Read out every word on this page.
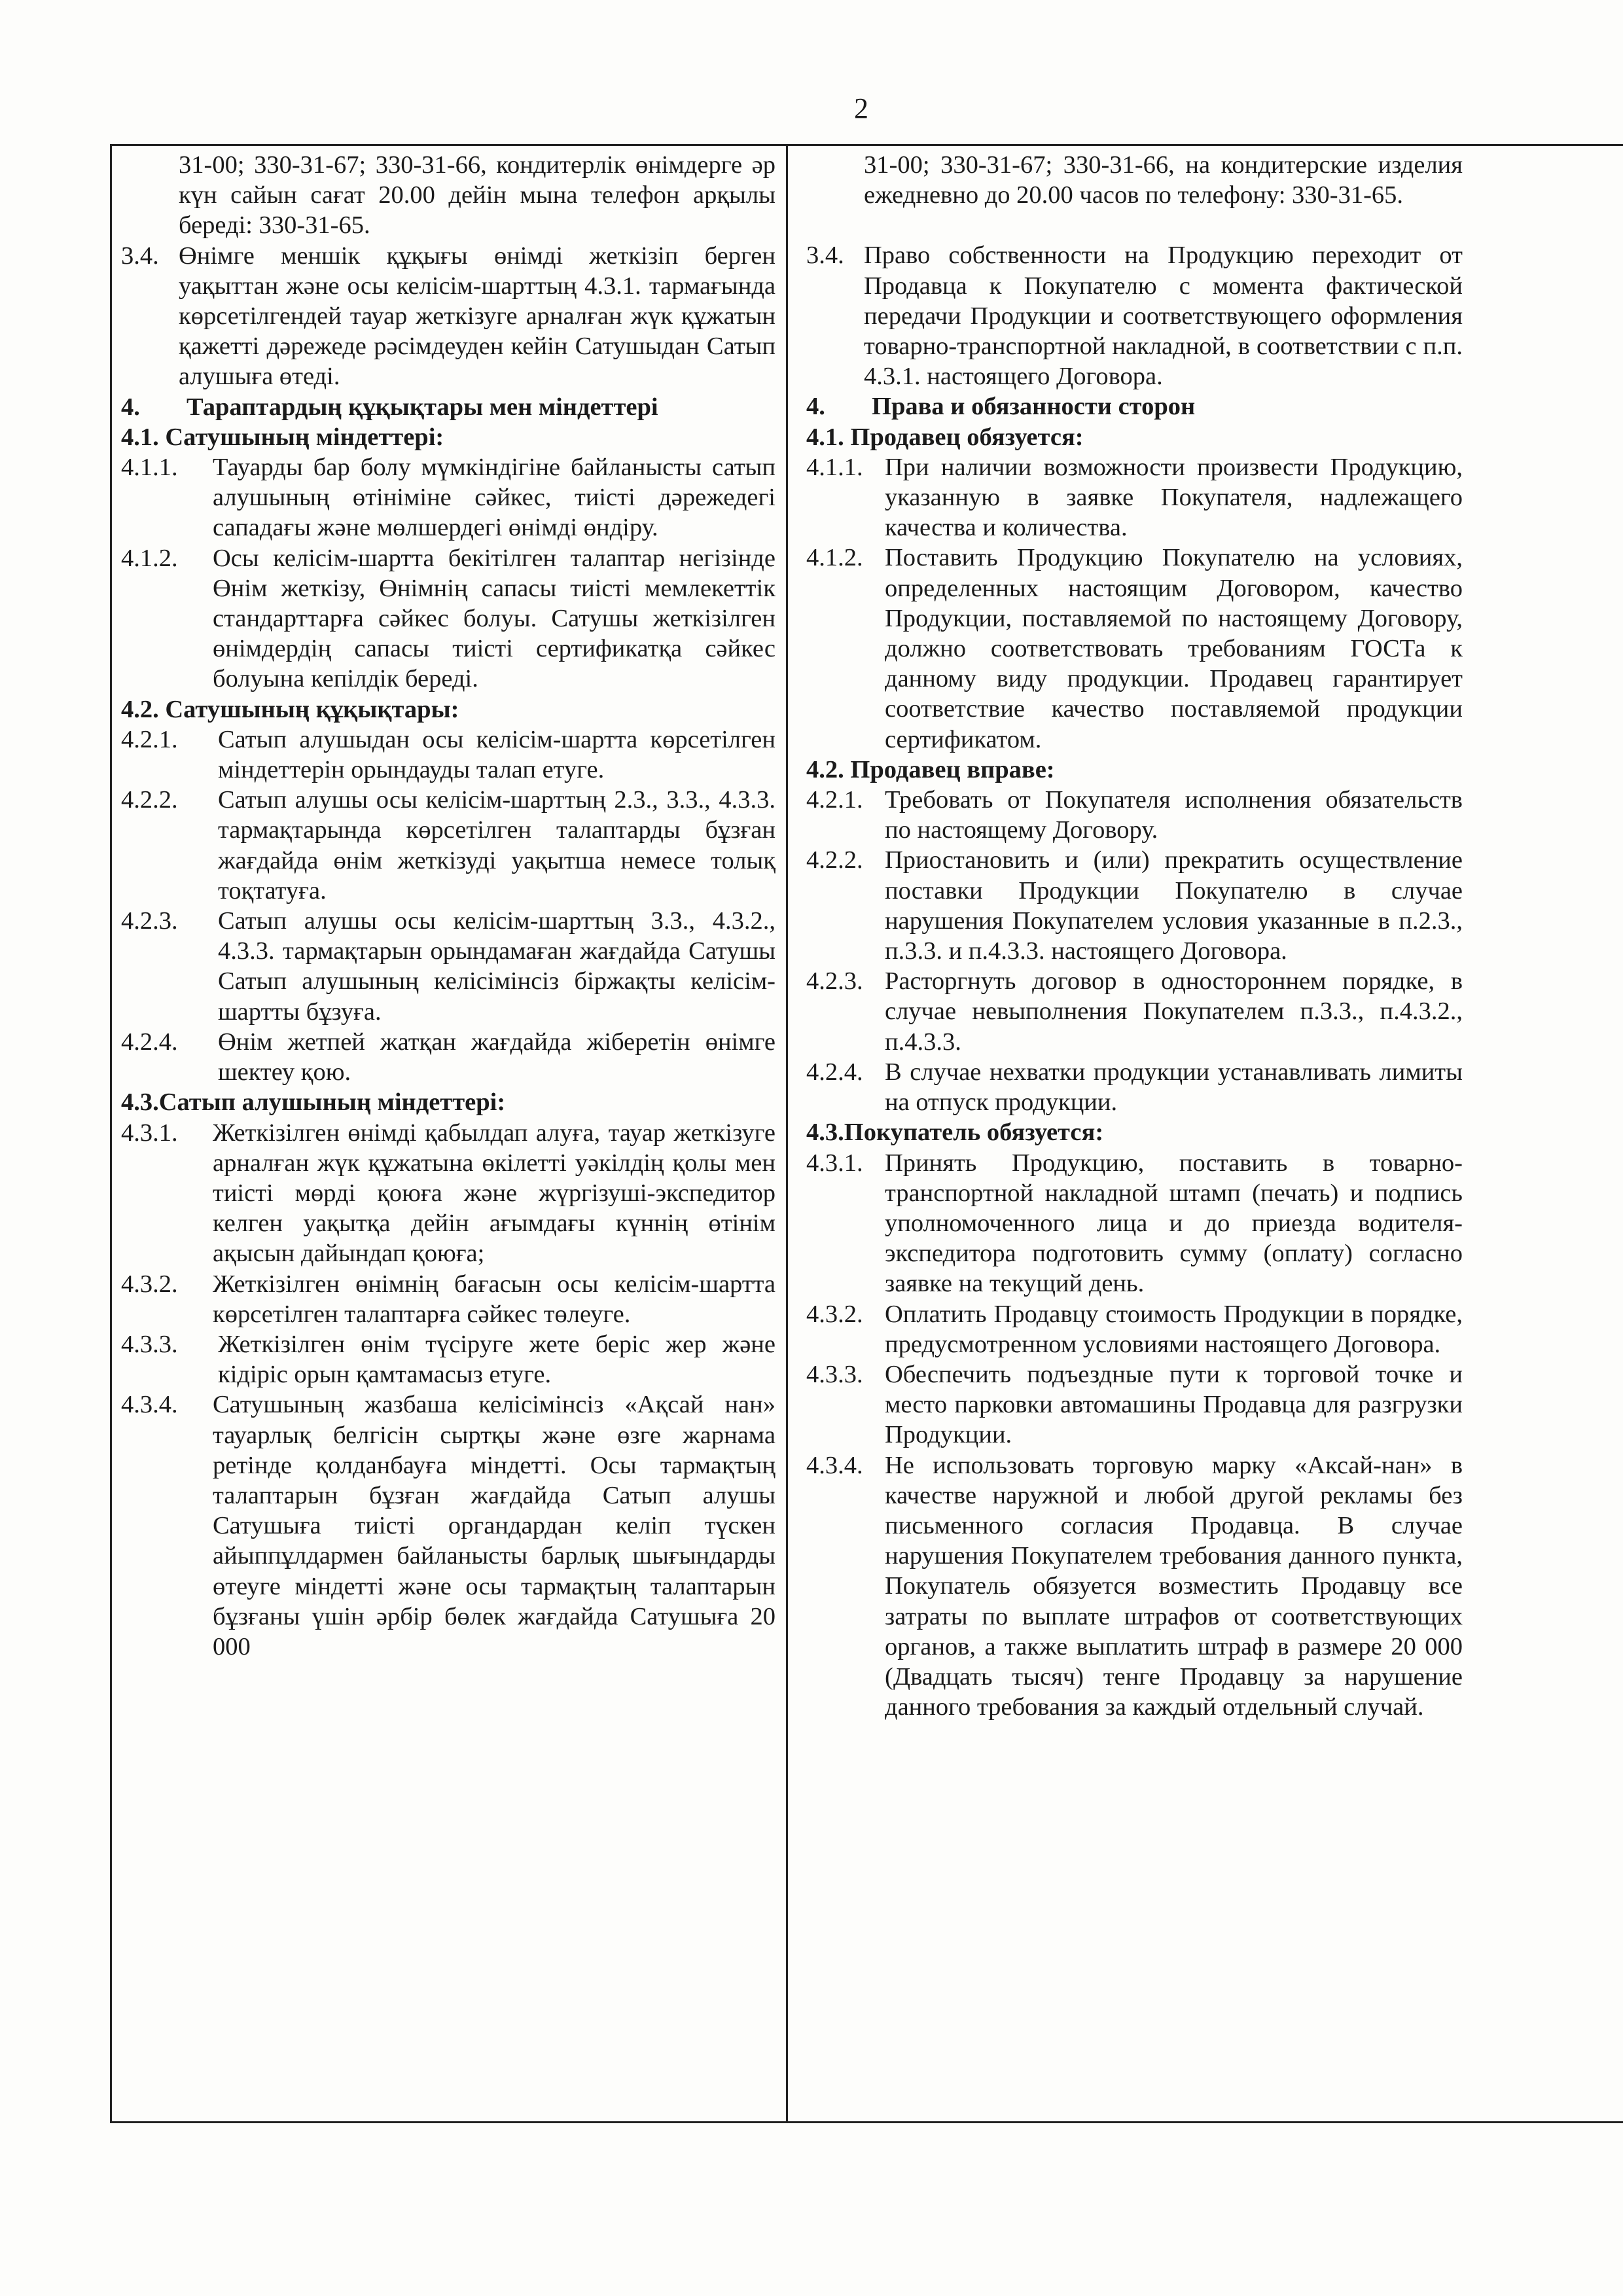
2

31-00; 330-31-67; 330-31-66, кондитерлік өнімдерге әр күн сайын сағат 20.00 дейін мына телефон арқылы береді: 330-31-65.

3.4. Өнімге меншік құқығы өнімді жеткізіп берген уақыттан және осы келісім-шарттың 4.3.1. тармағында көрсетілгендей тауар жеткізуге арналған жүк құжатын қажетті дәрежеде рәсімдеуден кейін Сатушыдан Сатып алушыға өтеді.
4.	Тараптардың құқықтары мен міндеттері

4.1. Сатушының міндеттері:

4.1.1.	Тауарды бар болу мүмкіндігіне байланысты сатып алушының өтініміне сәйкес, тиісті дәрежедегі сападағы және мөлшердегі өнімді өндіру.
4.1.2.	Осы келісім-шартта бекітілген талаптар негізінде Өнім жеткізу, Өнімнің сапасы тиісті мемлекеттік стандарттарға сәйкес болуы. Сатушы жеткізілген өнімдердің сапасы тиісті сертификатқа сәйкес болуына кепілдік береді.

4.2. Сатушының құқықтары:

4.2.1.	Сатып алушыдан осы келісім-шартта көрсетілген міндеттерін орындауды талап етуге.
4.2.2.	Сатып алушы осы келісім-шарттың 2.3., 3.3., 4.3.3. тармақтарында көрсетілген талаптарды бұзған жағдайда өнім жеткізуді уақытша немесе толық тоқтатуға.
4.2.3.	Сатып алушы осы келісім-шарттың 3.3., 4.3.2., 4.3.3. тармақтарын орындамаған жағдайда Сатушы Сатып алушының келісімінсіз біржақты келісім-шартты бұзуға.
4.2.4.	Өнім жетпей жатқан жағдайда жіберетін өнімге шектеу қою.

4.3.Сатып алушының міндеттері:

4.3.1.	Жеткізілген өнімді қабылдап алуға, тауар жеткізуге арналған жүк құжатына өкілетті уәкілдің қолы мен тиісті мөрді қоюға және жүргізуші-экспедитор келген уақытқа дейін ағымдағы күннің өтінім ақысын дайындап қоюға;
4.3.2.	Жеткізілген өнімнің бағасын осы келісім-шартта көрсетілген талаптарға сәйкес төлеуге.
4.3.3.	Жеткізілген өнім түсіруге жете беріс жер және кідіріс орын қамтамасыз етуге.
4.3.4.	Сатушының жазбаша келісімінсіз «Ақсай нан» тауарлық белгісін сыртқы және өзге жарнама ретінде қолданбауға міндетті. Осы тармақтың талаптарын бұзған жағдайда Сатып алушы Сатушыға тиісті органдардан келіп түскен айыппұлдармен байланысты барлық шығындарды өтеуге міндетті және осы тармақтың талаптарын бұзғаны үшін әрбір бөлек жағдайда Сатушыға 20 000

31-00; 330-31-67; 330-31-66, на кондитерские изделия ежедневно до 20.00 часов по телефону: 330-31-65.

3.4. Право собственности на Продукцию переходит от Продавца к Покупателю с момента фактической передачи Продукции и соответствующего оформления товарно-транспортной накладной, в соответствии с п.п. 4.3.1. настоящего Договора.
4.	Права и обязанности сторон

4.1. Продавец обязуется:

4.1.1. При наличии возможности произвести Продукцию, указанную в заявке Покупателя, надлежащего качества и количества.
4.1.2. Поставить Продукцию Покупателю на условиях, определенных настоящим Договором, качество Продукции, поставляемой по настоящему Договору, должно соответствовать требованиям ГОСТа к данному виду продукции. Продавец гарантирует соответствие качество поставляемой продукции сертификатом.

4.2. Продавец вправе:

4.2.1. Требовать от Покупателя исполнения обязательств по настоящему Договору.
4.2.2. Приостановить и (или) прекратить осуществление поставки Продукции Покупателю в случае нарушения Покупателем условия указанные в п.2.3., п.3.3. и п.4.3.3. настоящего Договора.
4.2.3. Расторгнуть договор в одностороннем порядке, в случае невыполнения Покупателем п.3.3., п.4.3.2., п.4.3.3.
4.2.4. В случае нехватки продукции устанавливать лимиты на отпуск продукции.

4.3.Покупатель обязуется:

4.3.1. Принять Продукцию, поставить в товарно-транспортной накладной штамп (печать) и подпись уполномоченного лица и до приезда водителя-экспедитора подготовить сумму (оплату) согласно заявке на текущий день.
4.3.2. Оплатить Продавцу стоимость Продукции в порядке, предусмотренном условиями настоящего Договора.
4.3.3. Обеспечить подъездные пути к торговой точке и место парковки автомашины Продавца для разгрузки Продукции.
4.3.4. Не использовать торговую марку «Аксай-нан» в качестве наружной и любой другой рекламы без письменного согласия Продавца. В случае нарушения Покупателем требования данного пункта, Покупатель обязуется возместить Продавцу все затраты по выплате штрафов от соответствующих органов, а также выплатить штраф в размере 20 000 (Двадцать тысяч) тенге Продавцу за нарушение данного требования за каждый отдельный случай.
